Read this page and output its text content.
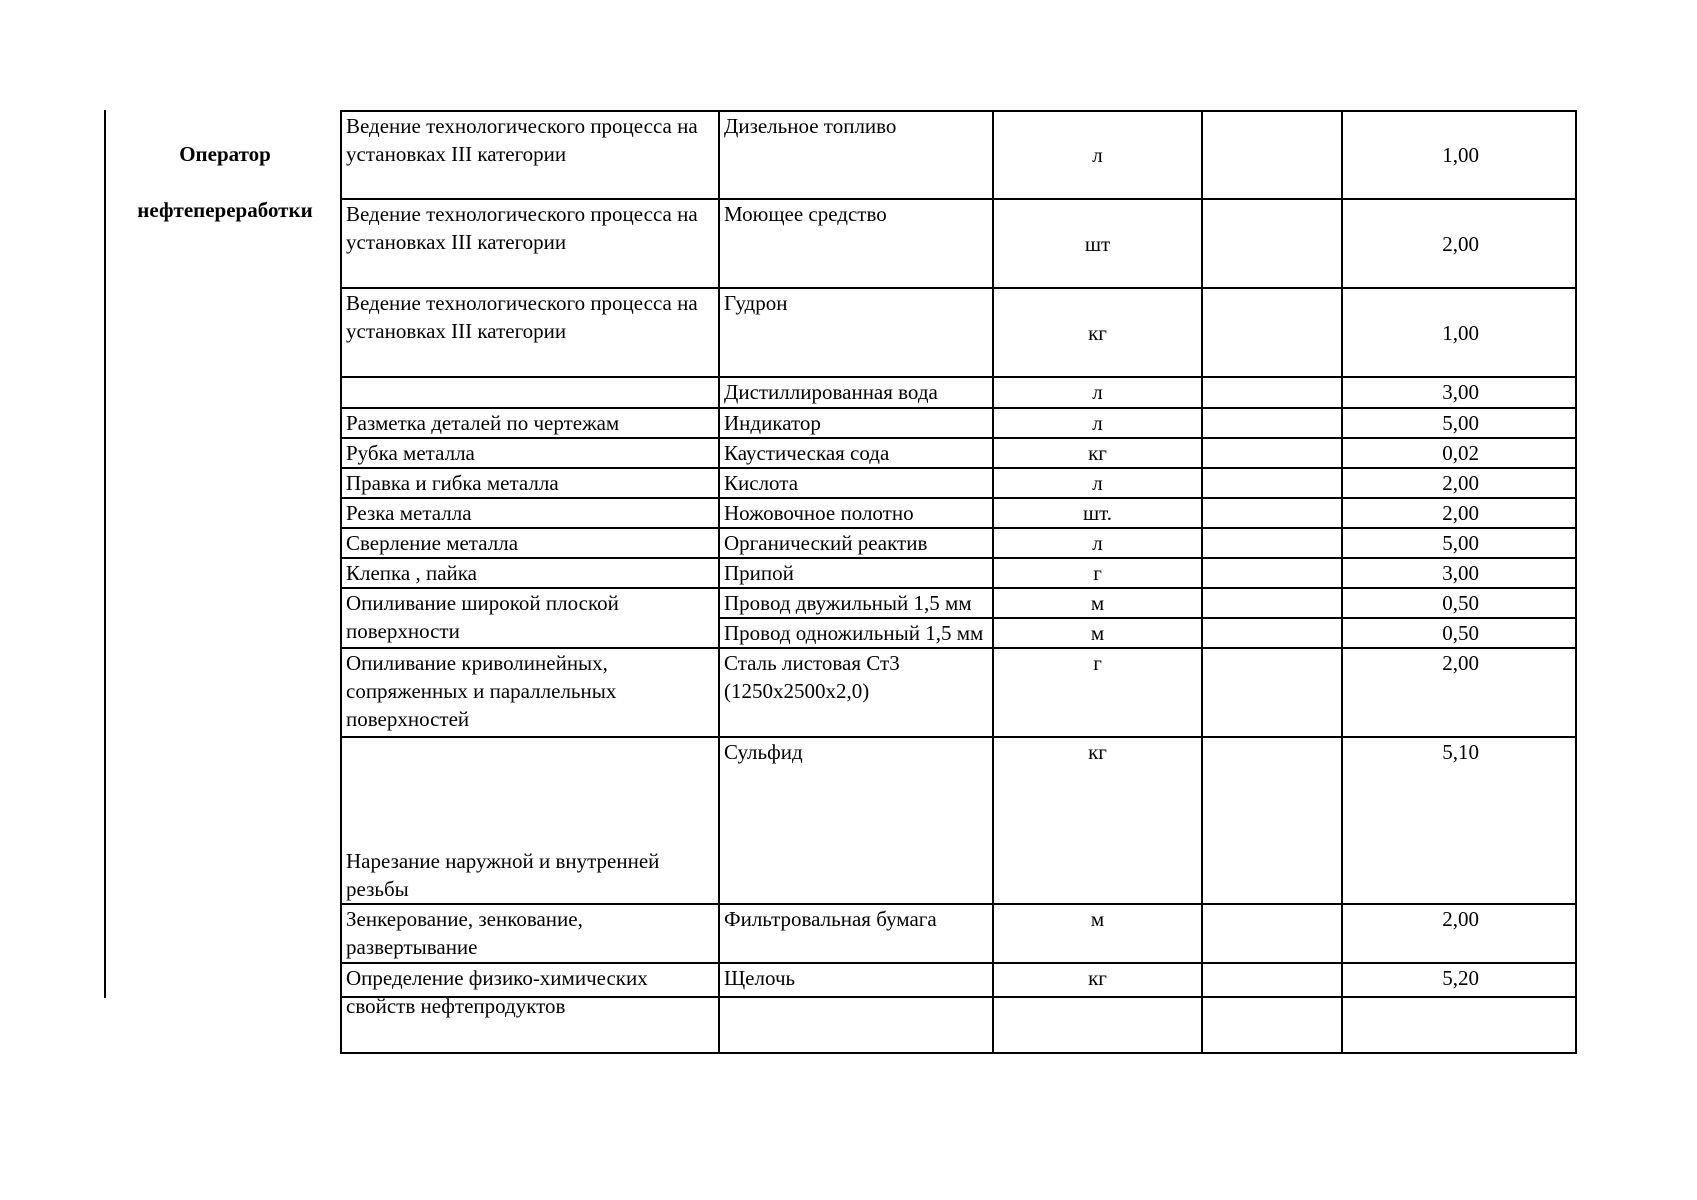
Оператор

нефтепереработки

Ведение технологического процесса на установках III категории	Дизельное топливо	л		1,00
Ведение технологического процесса на установках III категории	Моющее средство	шт		2,00
Ведение технологического процесса на установках III категории	Гудрон	кг		1,00
	Дистиллированная вода	л		3,00
Разметка деталей по чертежам	Индикатор	л		5,00
Рубка металла	Каустическая сода	кг		0,02
Правка и гибка металла	Кислота	л		2,00
Резка металла	Ножовочное полотно	шт.		2,00
Сверление металла	Органический реактив	л		5,00
Клепка , пайка	Припой	г		3,00
Опиливание широкой плоской поверхности	Провод двужильный 1,5 мм	м		0,50
	Провод одножильный 1,5 мм	м		0,50
Опиливание криволинейных, сопряженных и параллельных поверхностей	Сталь листовая Ст3 (1250х2500х2,0)	г		2,00
Нарезание наружной и внутренней резьбы	Сульфид	кг		5,10
Зенкерование, зенкование, развертывание	Фильтровальная бумага	м		2,00

Определение физико-химических свойств нефтепродуктов	Щелочь	кг		5,20
